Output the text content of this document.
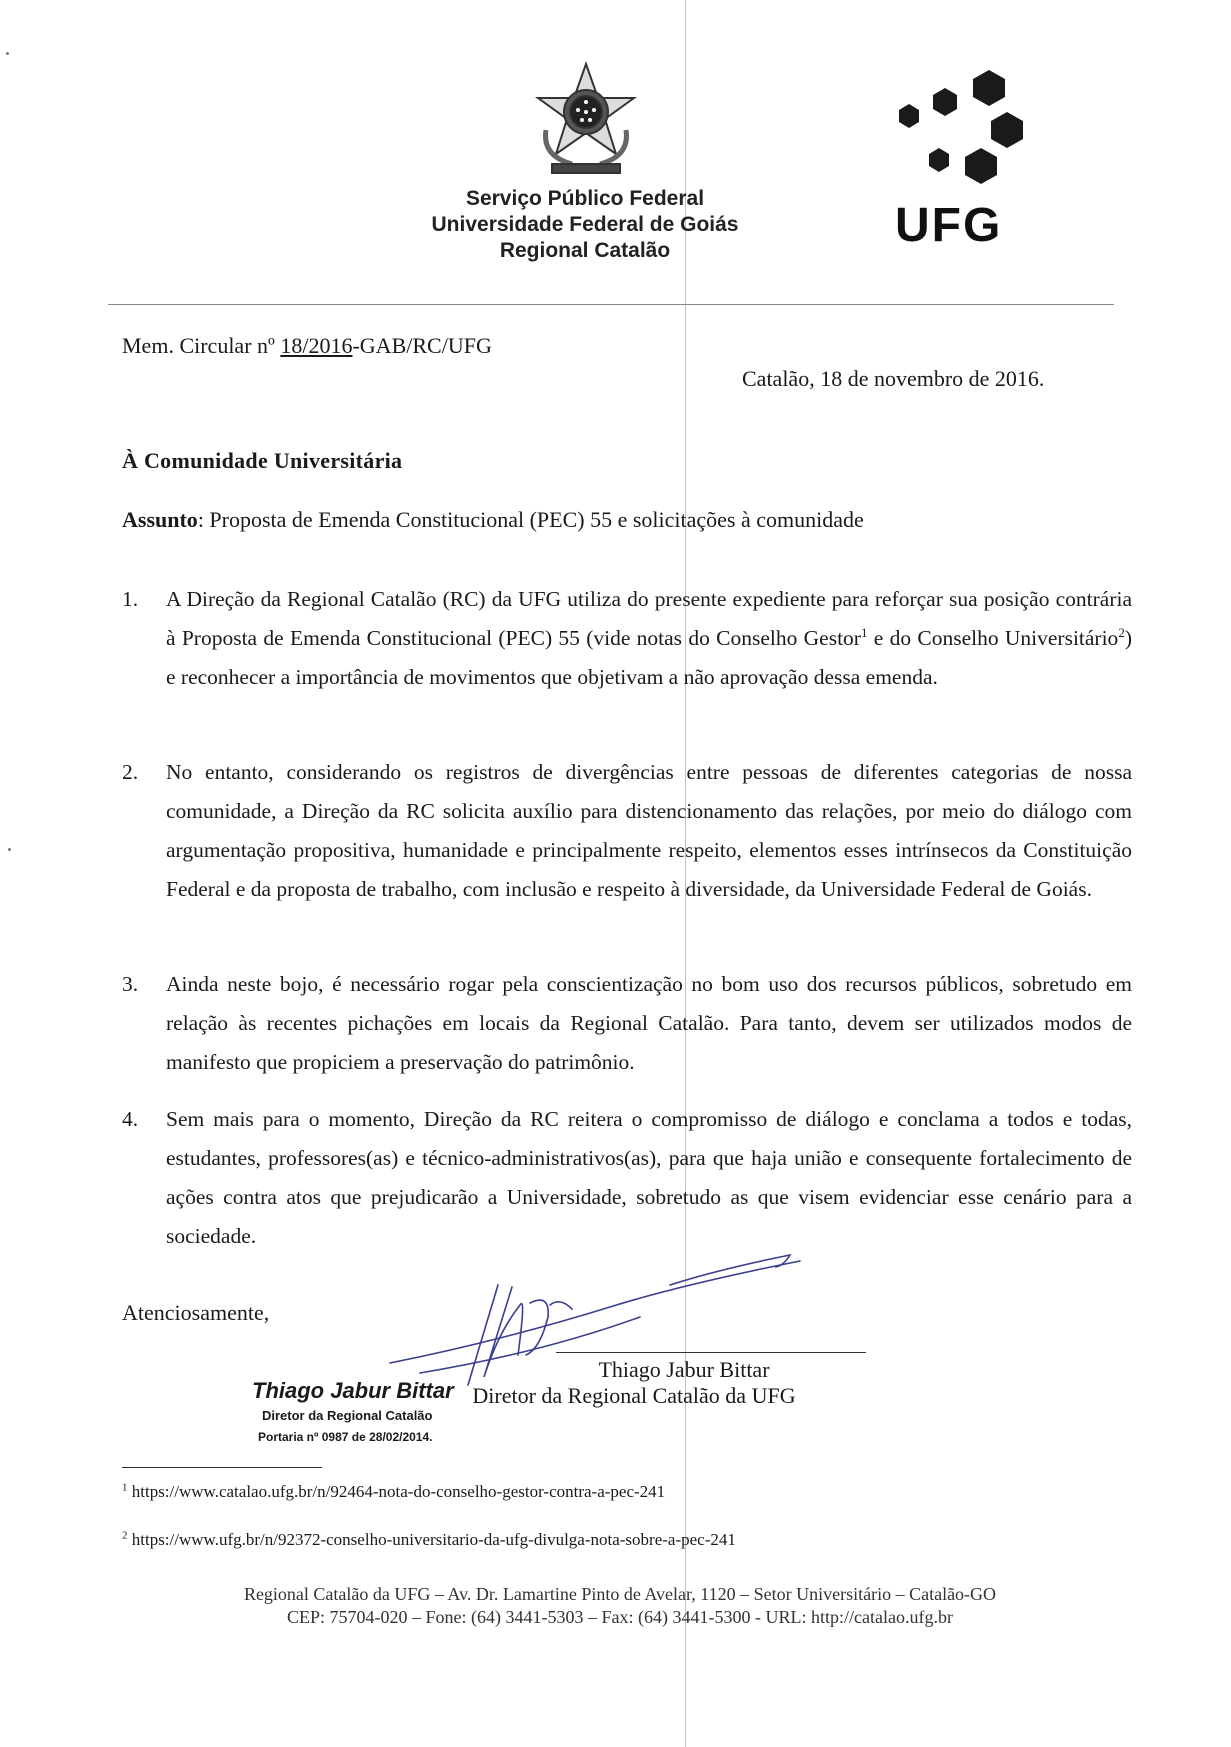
Serviço Público Federal
Universidade Federal de Goiás
Regional Catalão	UFG
Mem. Circular nº 18/2016-GAB/RC/UFG
Catalão, 18 de novembro de 2016.
À Comunidade Universitária
Assunto: Proposta de Emenda Constitucional (PEC) 55 e solicitações à comunidade
1.	A Direção da Regional Catalão (RC) da UFG utiliza do presente expediente para reforçar sua posição contrária à Proposta de Emenda Constitucional (PEC) 55 (vide notas do Conselho Gestor$^1$ e do Conselho Universitário$^2$) e reconhecer a importância de movimentos que objetivam a não aprovação dessa emenda.
2.	No entanto, considerando os registros de divergências entre pessoas de diferentes categorias de nossa comunidade, a Direção da RC solicita auxílio para distencionamento das relações, por meio do diálogo com argumentação propositiva, humanidade e principalmente respeito, elementos esses intrínsecos da Constituição Federal e da proposta de trabalho, com inclusão e respeito à diversidade, da Universidade Federal de Goiás.
3.	Ainda neste bojo, é necessário rogar pela conscientização no bom uso dos recursos públicos, sobretudo em relação às recentes pichações em locais da Regional Catalão. Para tanto, devem ser utilizados modos de manifesto que propiciem a preservação do patrimônio.
4.	Sem mais para o momento, Direção da RC reitera o compromisso de diálogo e conclama a todos e todas, estudantes, professores(as) e técnico-administrativos(as), para que haja união e consequente fortalecimento de ações contra atos que prejudicarão a Universidade, sobretudo as que visem evidenciar esse cenário para a sociedade.
Atenciosamente,
Thiago Jabur Bittar
Diretor da Regional Catalão da UFG
Thiago Jabur Bittar
Diretor da Regional Catalão
Portaria nº 0987 de 28/02/2014.
$^1$ https://www.catalao.ufg.br/n/92464-nota-do-conselho-gestor-contra-a-pec-241
$^2$ https://www.ufg.br/n/92372-conselho-universitario-da-ufg-divulga-nota-sobre-a-pec-241
Regional Catalão da UFG – Av. Dr. Lamartine Pinto de Avelar, 1120 – Setor Universitário – Catalão-GO
CEP: 75704-020 – Fone: (64) 3441-5303 – Fax: (64) 3441-5300 - URL: http://catalao.ufg.br
